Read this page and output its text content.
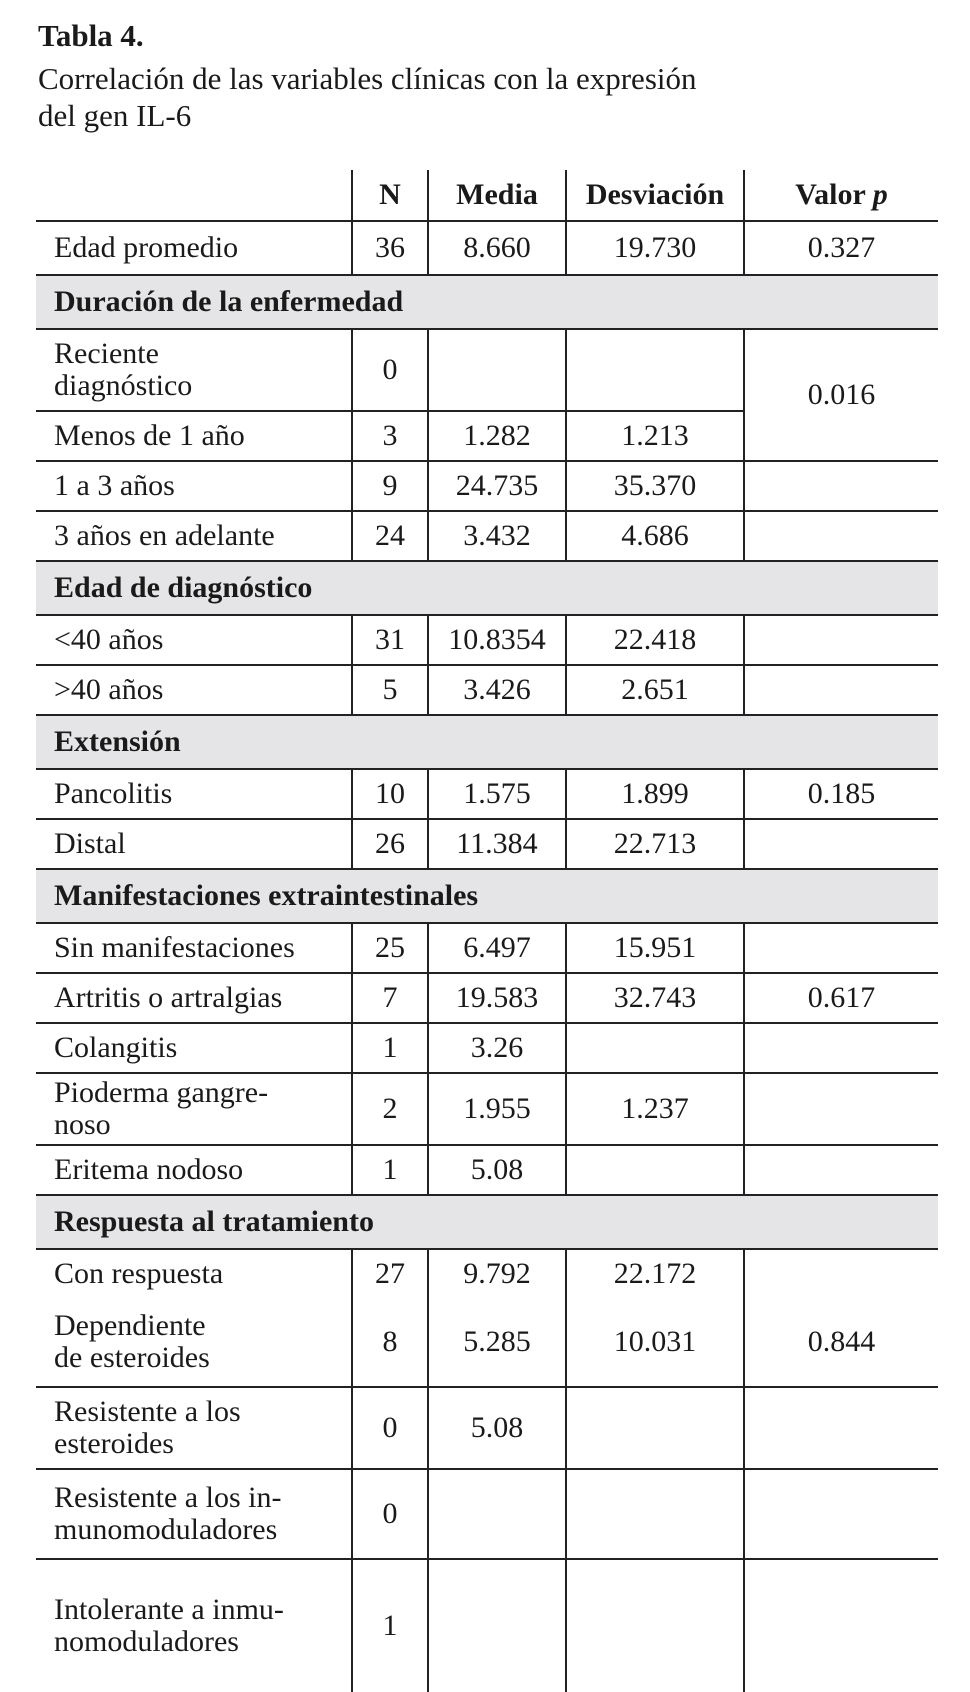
Tabla 4.
Correlación de las variables clínicas con la expresión
del gen IL-6
	N	Media	Desviación	Valor p
Edad promedio	36	8.660	19.730	0.327
Duración de la enfermedad				

Reciente
diagnóstico	0			0.016
Menos de 1 año	3	1.282	1.213	
1 a 3 años	9	24.735	35.370	
3 años en adelante	24	3.432	4.686	
Edad de diagnóstico				
<40 años	31	10.8354	22.418	
>40 años	5	3.426	2.651	
Extensión				
Pancolitis	10	1.575	1.899	0.185
Distal	26	11.384	22.713	
Manifestaciones extraintestinales				
Sin manifestaciones	25	6.497	15.951	
Artritis o artralgias	7	19.583	32.743	0.617
Colangitis	1	3.26		

Pioderma gangre-
noso	2	1.955	1.237	
Eritema nodoso	1	5.08		
Respuesta al tratamiento				
Con respuesta	27	9.792	22.172	

Dependiente
de esteroides	8	5.285	10.031	0.844

Resistente a los
esteroides	0	5.08		

Resistente a los in-
munomoduladores	0			

Intolerante a inmu-
nomoduladores	1			
